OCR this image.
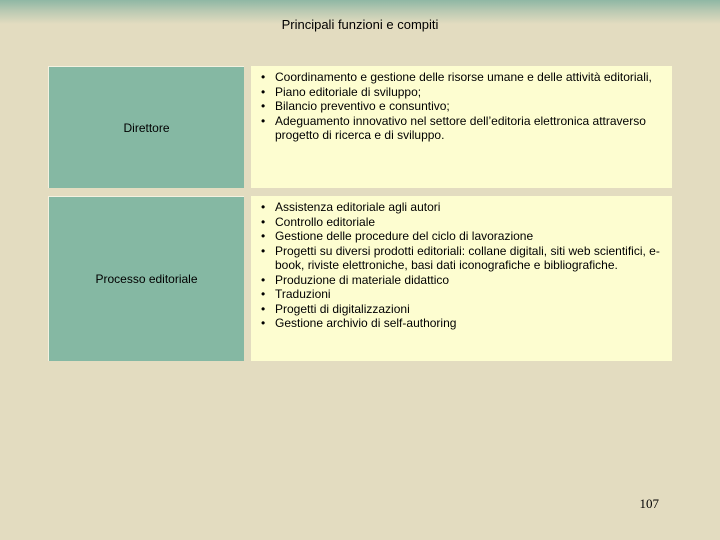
Principali funzioni e compiti
Direttore
• Coordinamento e gestione delle risorse umane e delle attività editoriali,
• Piano editoriale di sviluppo;
• Bilancio preventivo e consuntivo;
• Adeguamento innovativo nel settore dell’editoria elettronica attraverso progetto di ricerca e di sviluppo.
Processo editoriale
• Assistenza editoriale agli autori
• Controllo editoriale
• Gestione delle procedure del ciclo di lavorazione
• Progetti su diversi prodotti editoriali: collane digitali, siti web scientifici, e-book, riviste elettroniche, basi dati iconografiche e bibliografiche.
• Produzione di materiale didattico
• Traduzioni
• Progetti di digitalizzazioni
• Gestione archivio di self-authoring
107
